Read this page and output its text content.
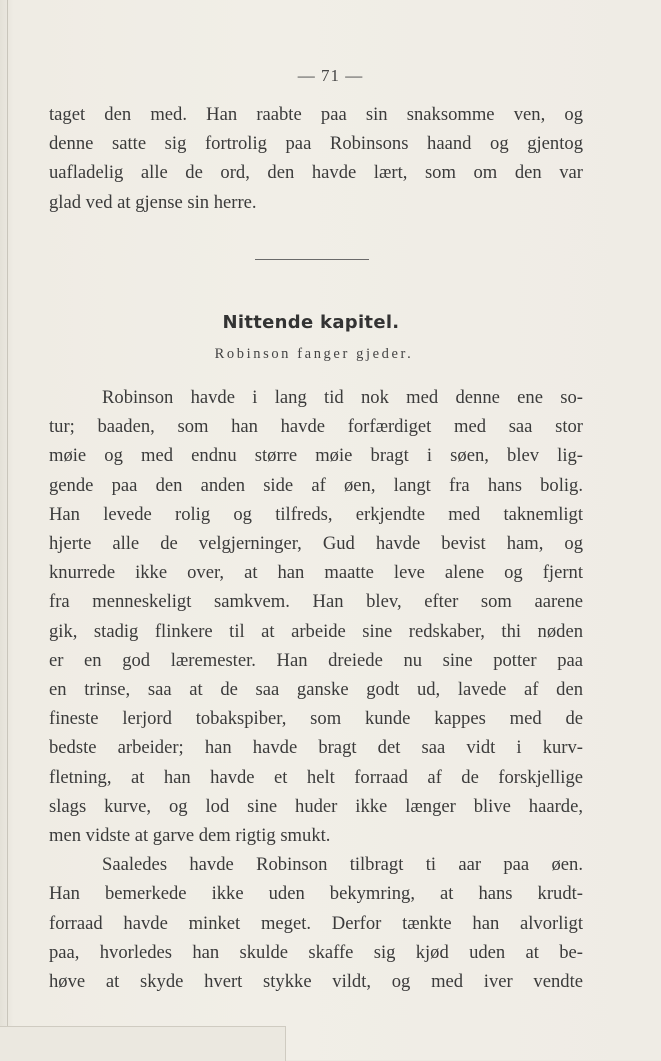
— 71 —

taget den med. Han raabte paa sin snaksomme ven, og

denne satte sig fortrolig paa Robinsons haand og gjentog

uafladelig alle de ord, den havde lært, som om den var

glad ved at gjense sin herre.

Nittende kapitel.
Robinson fanger gjeder.

Robinson havde i lang tid nok med denne ene so-

tur; baaden, som han havde forfærdiget med saa stor

møie og med endnu større møie bragt i søen, blev lig-

gende paa den anden side af øen, langt fra hans bolig.

Han levede rolig og tilfreds, erkjendte med taknemligt

hjerte alle de velgjerninger, Gud havde bevist ham, og

knurrede ikke over, at han maatte leve alene og fjernt

fra menneskeligt samkvem. Han blev, efter som aarene

gik, stadig flinkere til at arbeide sine redskaber, thi nøden

er en god læremester. Han dreiede nu sine potter paa

en trinse, saa at de saa ganske godt ud, lavede af den

fineste lerjord tobakspiber, som kunde kappes med de

bedste arbeider; han havde bragt det saa vidt i kurv-

fletning, at han havde et helt forraad af de forskjellige

slags kurve, og lod sine huder ikke længer blive haarde,

men vidste at garve dem rigtig smukt.

Saaledes havde Robinson tilbragt ti aar paa øen.

Han bemerkede ikke uden bekymring, at hans krudt-

forraad havde minket meget. Derfor tænkte han alvorligt

paa, hvorledes han skulde skaffe sig kjød uden at be-

høve at skyde hvert stykke vildt, og med iver vendte
